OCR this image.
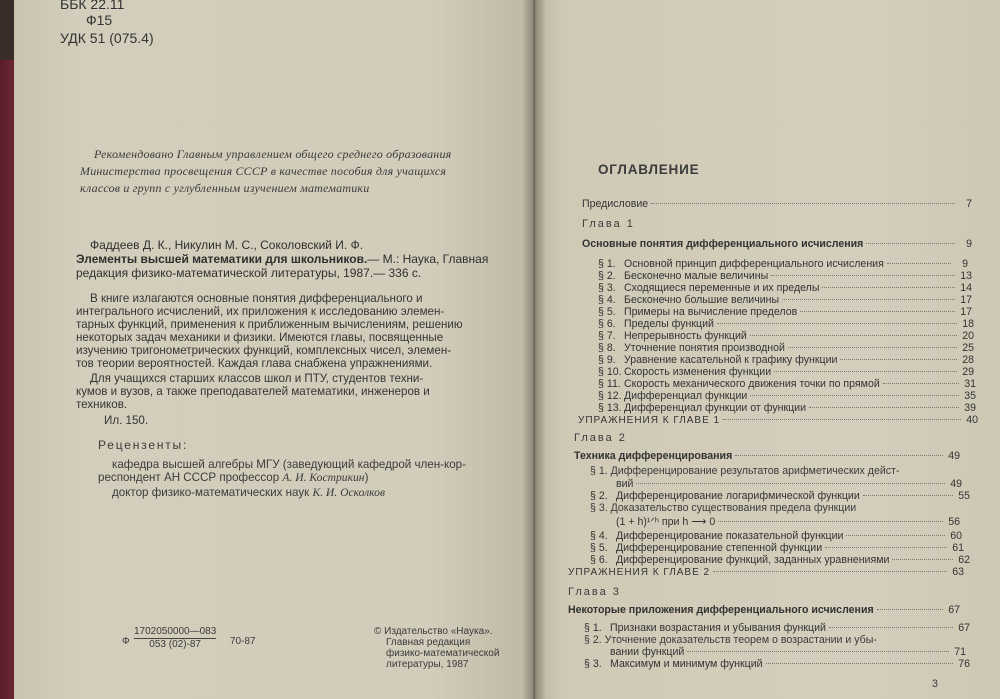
ББК 22.11
Ф15
УДК 51 (075.4)
Рекомендовано Главным управлением общего среднего образования
Министерства просвещения СССР в качестве пособия для учащихся
классов и групп с углубленным изучением математики
Фаддеев Д. К., Никулин М. С., Соколовский И. Ф.
Элементы высшей математики для школьников.— М.: Наука, Главная
редакция физико-математической литературы, 1987.— 336 с.
В книге излагаются основные понятия дифференциального и
интегрального исчислений, их приложения к исследованию элемен-
тарных функций, применения к приближенным вычислениям, решению
некоторых задач механики и физики. Имеются главы, посвященные
изучению тригонометрических функций, комплексных чисел, элемен-
тов теории вероятностей. Каждая глава снабжена упражнениями.
Для учащихся старших классов школ и ПТУ, студентов техни-
кумов и вузов, а также преподавателей математики, инженеров и
техников.
Ил. 150.
Рецензенты:
кафедра высшей алгебры МГУ (заведующий кафедрой член-кор-
респондент АН СССР профессор А. И. Кострикин)
доктор физико-математических наук К. И. Осколков
Ф $\frac{1702050000—083}{053 (02)-87} 70-87$
© Издательство «Наука».
Главная редакция
физико-математической
литературы, 1987
ОГЛАВЛЕНИЕ
Предисловие	7
Глава 1
Основные понятия дифференциального исчисления	9
§ 1. Основной принцип дифференциального исчисления	9
§ 2. Бесконечно малые величины	13
§ 3. Сходящиеся переменные и их пределы	14
§ 4. Бесконечно большие величины	17
§ 5. Примеры на вычисление пределов	17
§ 6. Пределы функций	18
§ 7. Непрерывность функций	20
§ 8. Уточнение понятия производной	25
§ 9. Уравнение касательной к графику функции	28
§ 10. Скорость изменения функции	29
§ 11. Скорость механического движения точки по прямой	31
§ 12. Дифференциал функции	35
§ 13. Дифференциал функции от функции	39
УПРАЖНЕНИЯ К ГЛАВЕ 1	40
Глава 2
Техника дифференцирования	49
§ 1. Дифференцирование результатов арифметических дейст-
вий	49
§ 2. Дифференцирование логарифмической функции	55
§ 3. Доказательство существования предела функции
(1 + h)¹ᐟʰ при h ⟶ 0	56
§ 4. Дифференцирование показательной функции	60
§ 5. Дифференцирование степенной функции	61
§ 6. Дифференцирование функций, заданных уравнениями	62
УПРАЖНЕНИЯ К ГЛАВЕ 2	63
Глава 3
Некоторые приложения дифференциального исчисления	67
§ 1. Признаки возрастания и убывания функций	67
§ 2. Уточнение доказательств теорем о возрастании и убы-
вании функций	71
§ 3. Максимум и минимум функций	76
3
